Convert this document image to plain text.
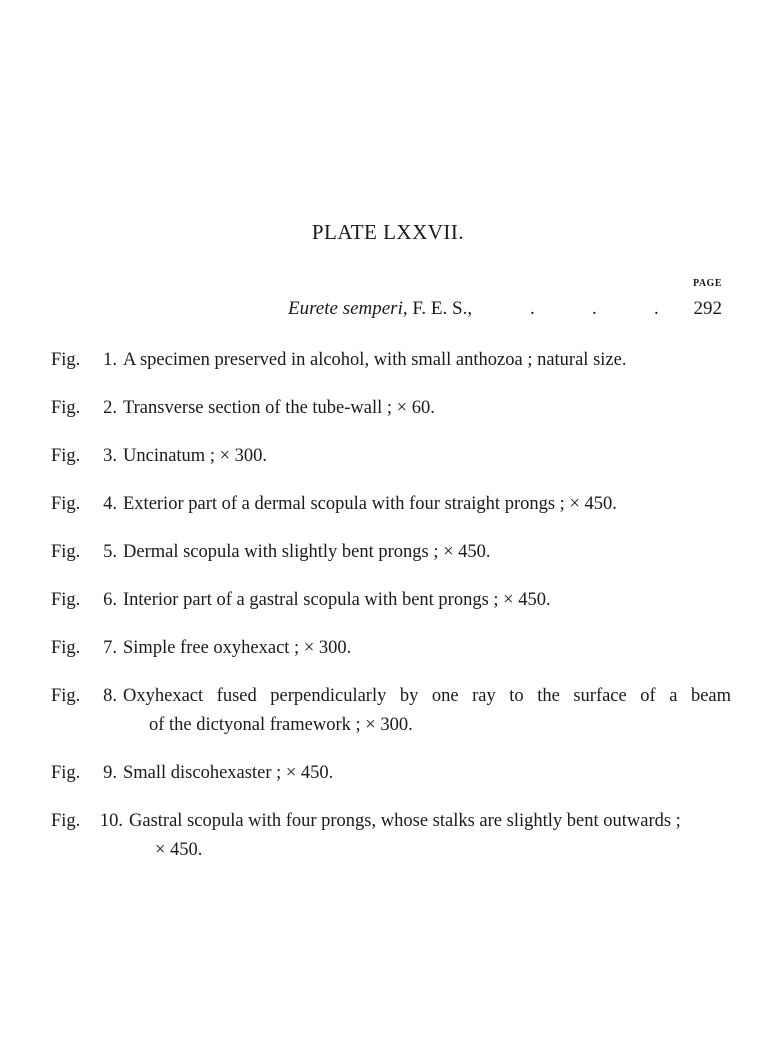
PLATE LXXVII.
PAGE
Eurete semperi, F. E. S.,	.	.	.	292
Fig.	1. A specimen preserved in alcohol, with small anthozoa ; natural size.
Fig.	2. Transverse section of the tube-wall ; × 60.
Fig.	3. Uncinatum ; × 300.
Fig.	4. Exterior part of a dermal scopula with four straight prongs ; × 450.
Fig.	5. Dermal scopula with slightly bent prongs ; × 450.
Fig.	6. Interior part of a gastral scopula with bent prongs ; × 450.
Fig.	7. Simple free oxyhexact ; × 300.
Fig.	8. Oxyhexact fused perpendicularly by one ray to the surface of a beam
of the dictyonal framework ; × 300.
Fig.	9. Small discohexaster ; × 450.
Fig.	10. Gastral scopula with four prongs, whose stalks are slightly bent outwards ;
× 450.
